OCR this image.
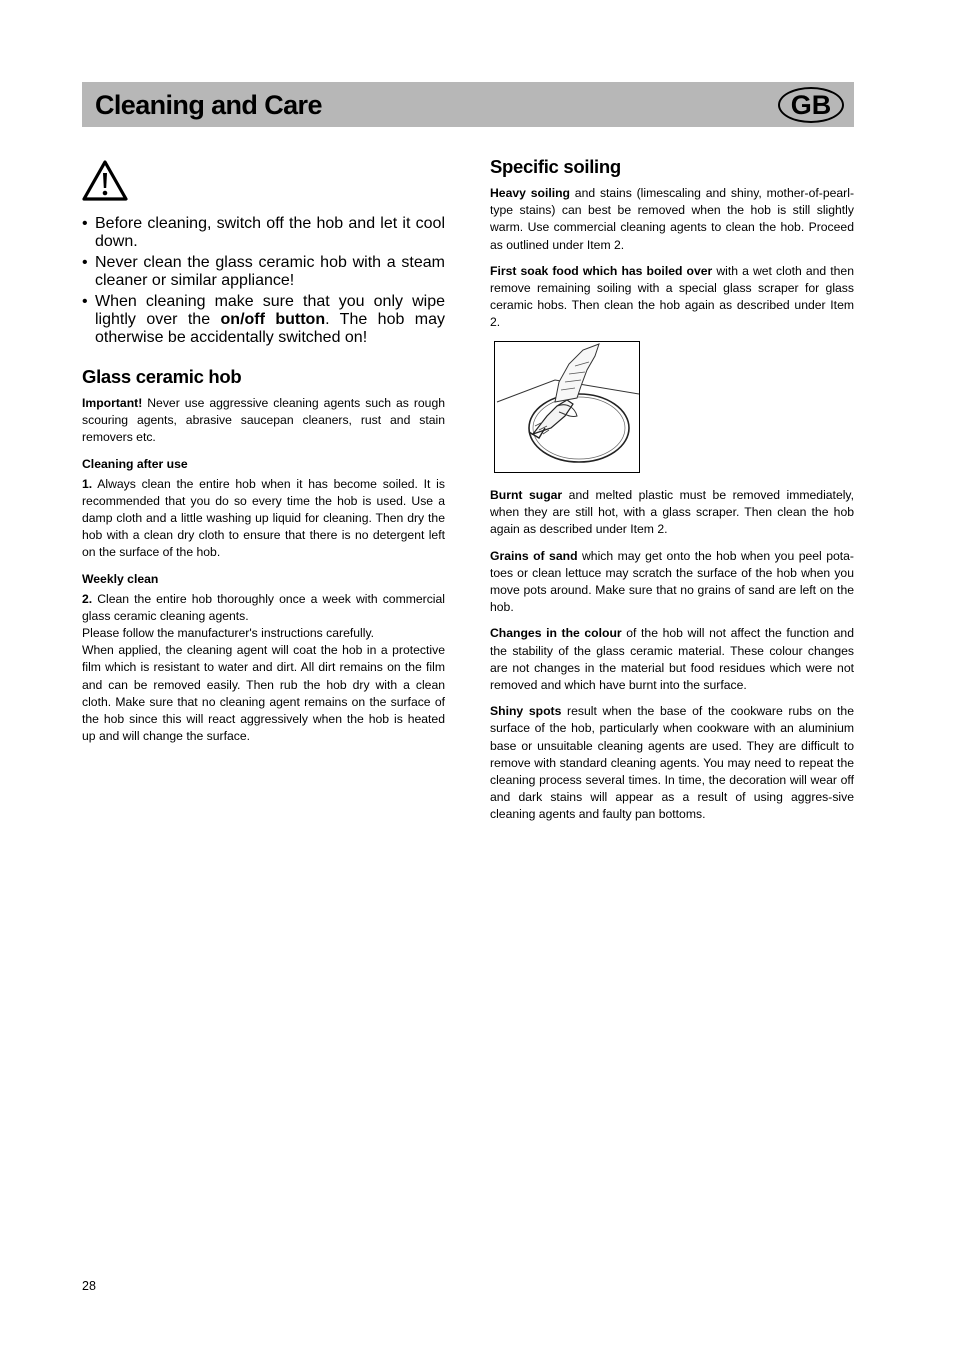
Cleaning and Care	GB
• Before cleaning, switch off the hob and let it cool down.
• Never clean the glass ceramic hob with a steam cleaner or similar appliance!
• When cleaning make sure that you only wipe lightly over the on/off button. The hob may otherwise be accidentally switched on!
Glass ceramic hob

Important! Never use aggressive cleaning agents such as rough scouring agents, abrasive saucepan cleaners, rust and stain removers etc.

Cleaning after use

1. Always clean the entire hob when it has become soiled. It is recommended that you do so every time the hob is used. Use a damp cloth and a little washing up liquid for cleaning. Then dry the hob with a clean dry cloth to ensure that there is no detergent left on the surface of the hob.

Weekly clean

2. Clean the entire hob thoroughly once a week with commercial glass ceramic cleaning agents.

Please follow the manufacturer's instructions carefully.

When applied, the cleaning agent will coat the hob in a protective film which is resistant to water and dirt. All dirt remains on the film and can be removed easily. Then rub the hob dry with a clean cloth. Make sure that no cleaning agent remains on the surface of the hob since this will react aggressively when the hob is heated up and will change the surface.

Specific soiling

Heavy soiling and stains (limescaling and shiny, mother-of-pearl-type stains) can best be removed when the hob is still slightly warm. Use commercial cleaning agents to clean the hob. Proceed as outlined under Item 2.

First soak food which has boiled over with a wet cloth and then remove remaining soiling with a special glass scraper for glass ceramic hobs. Then clean the hob again as described under Item 2.

Burnt sugar and melted plastic must be removed immediately, when they are still hot, with a glass scraper. Then clean the hob again as described under Item 2.

Grains of sand which may get onto the hob when you peel pota-toes or clean lettuce may scratch the surface of the hob when you move pots around. Make sure that no grains of sand are left on the hob.

Changes in the colour of the hob will not affect the function and the stability of the glass ceramic material. These colour changes are not changes in the material but food residues which were not removed and which have burnt into the surface.

Shiny spots result when the base of the cookware rubs on the surface of the hob, particularly when cookware with an aluminium base or unsuitable cleaning agents are used. They are difficult to remove with standard cleaning agents. You may need to repeat the cleaning process several times. In time, the decoration will wear off and dark stains will appear as a result of using aggres-sive cleaning agents and faulty pan bottoms.

28
